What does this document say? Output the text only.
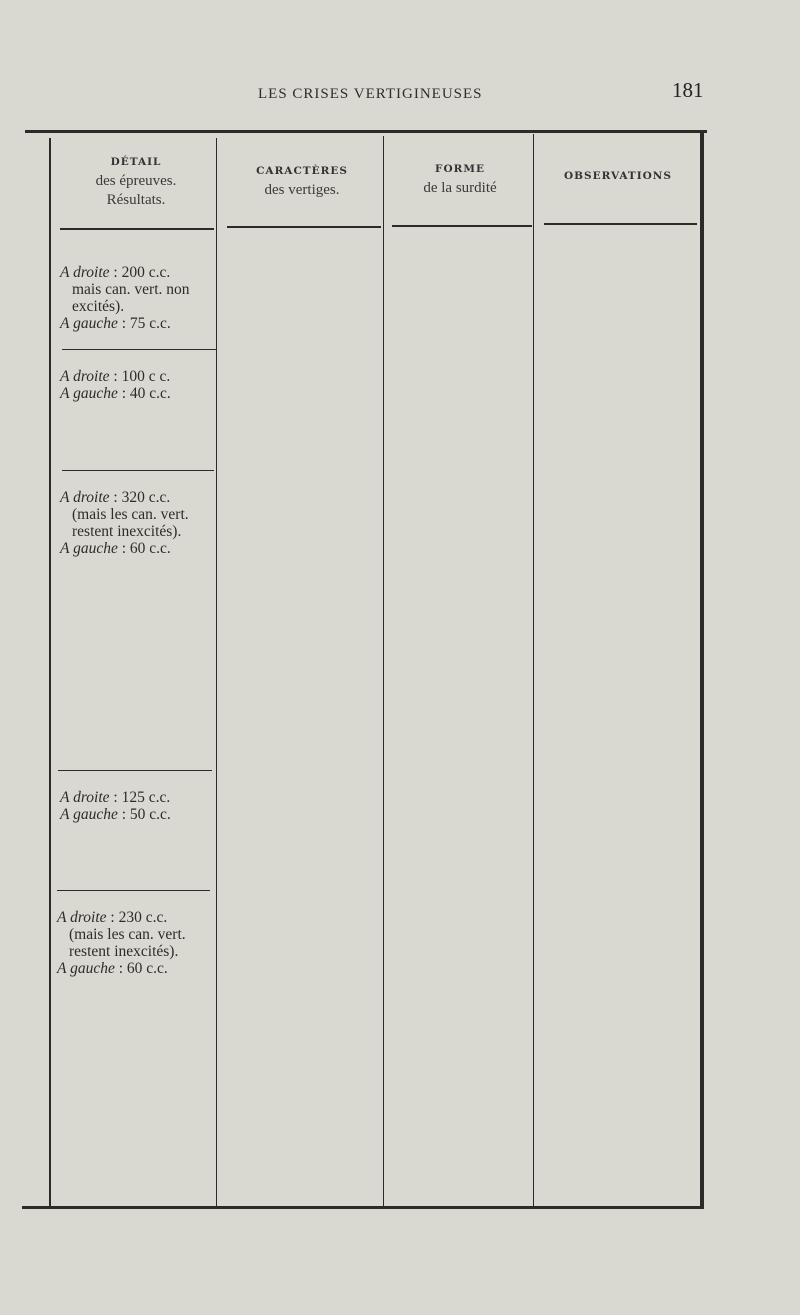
LES CRISES VERTIGINEUSES	181
DÉTAIL
des épreuves.
Résultats.
CARACTÈRES
des vertiges.
FORME
de la surdité
OBSERVATIONS
A droite : 200 c.c.
mais can. vert. non
excités).
A gauche : 75 c.c.
A droite : 100 c c.
A gauche : 40 c.c.
A droite : 320 c.c.
(mais les can. vert.
restent inexcités).
A gauche : 60 c.c.
A droite : 125 c.c.
A gauche : 50 c.c.
A droite : 230 c.c.
(mais les can. vert.
restent inexcités).
A gauche : 60 c.c.
